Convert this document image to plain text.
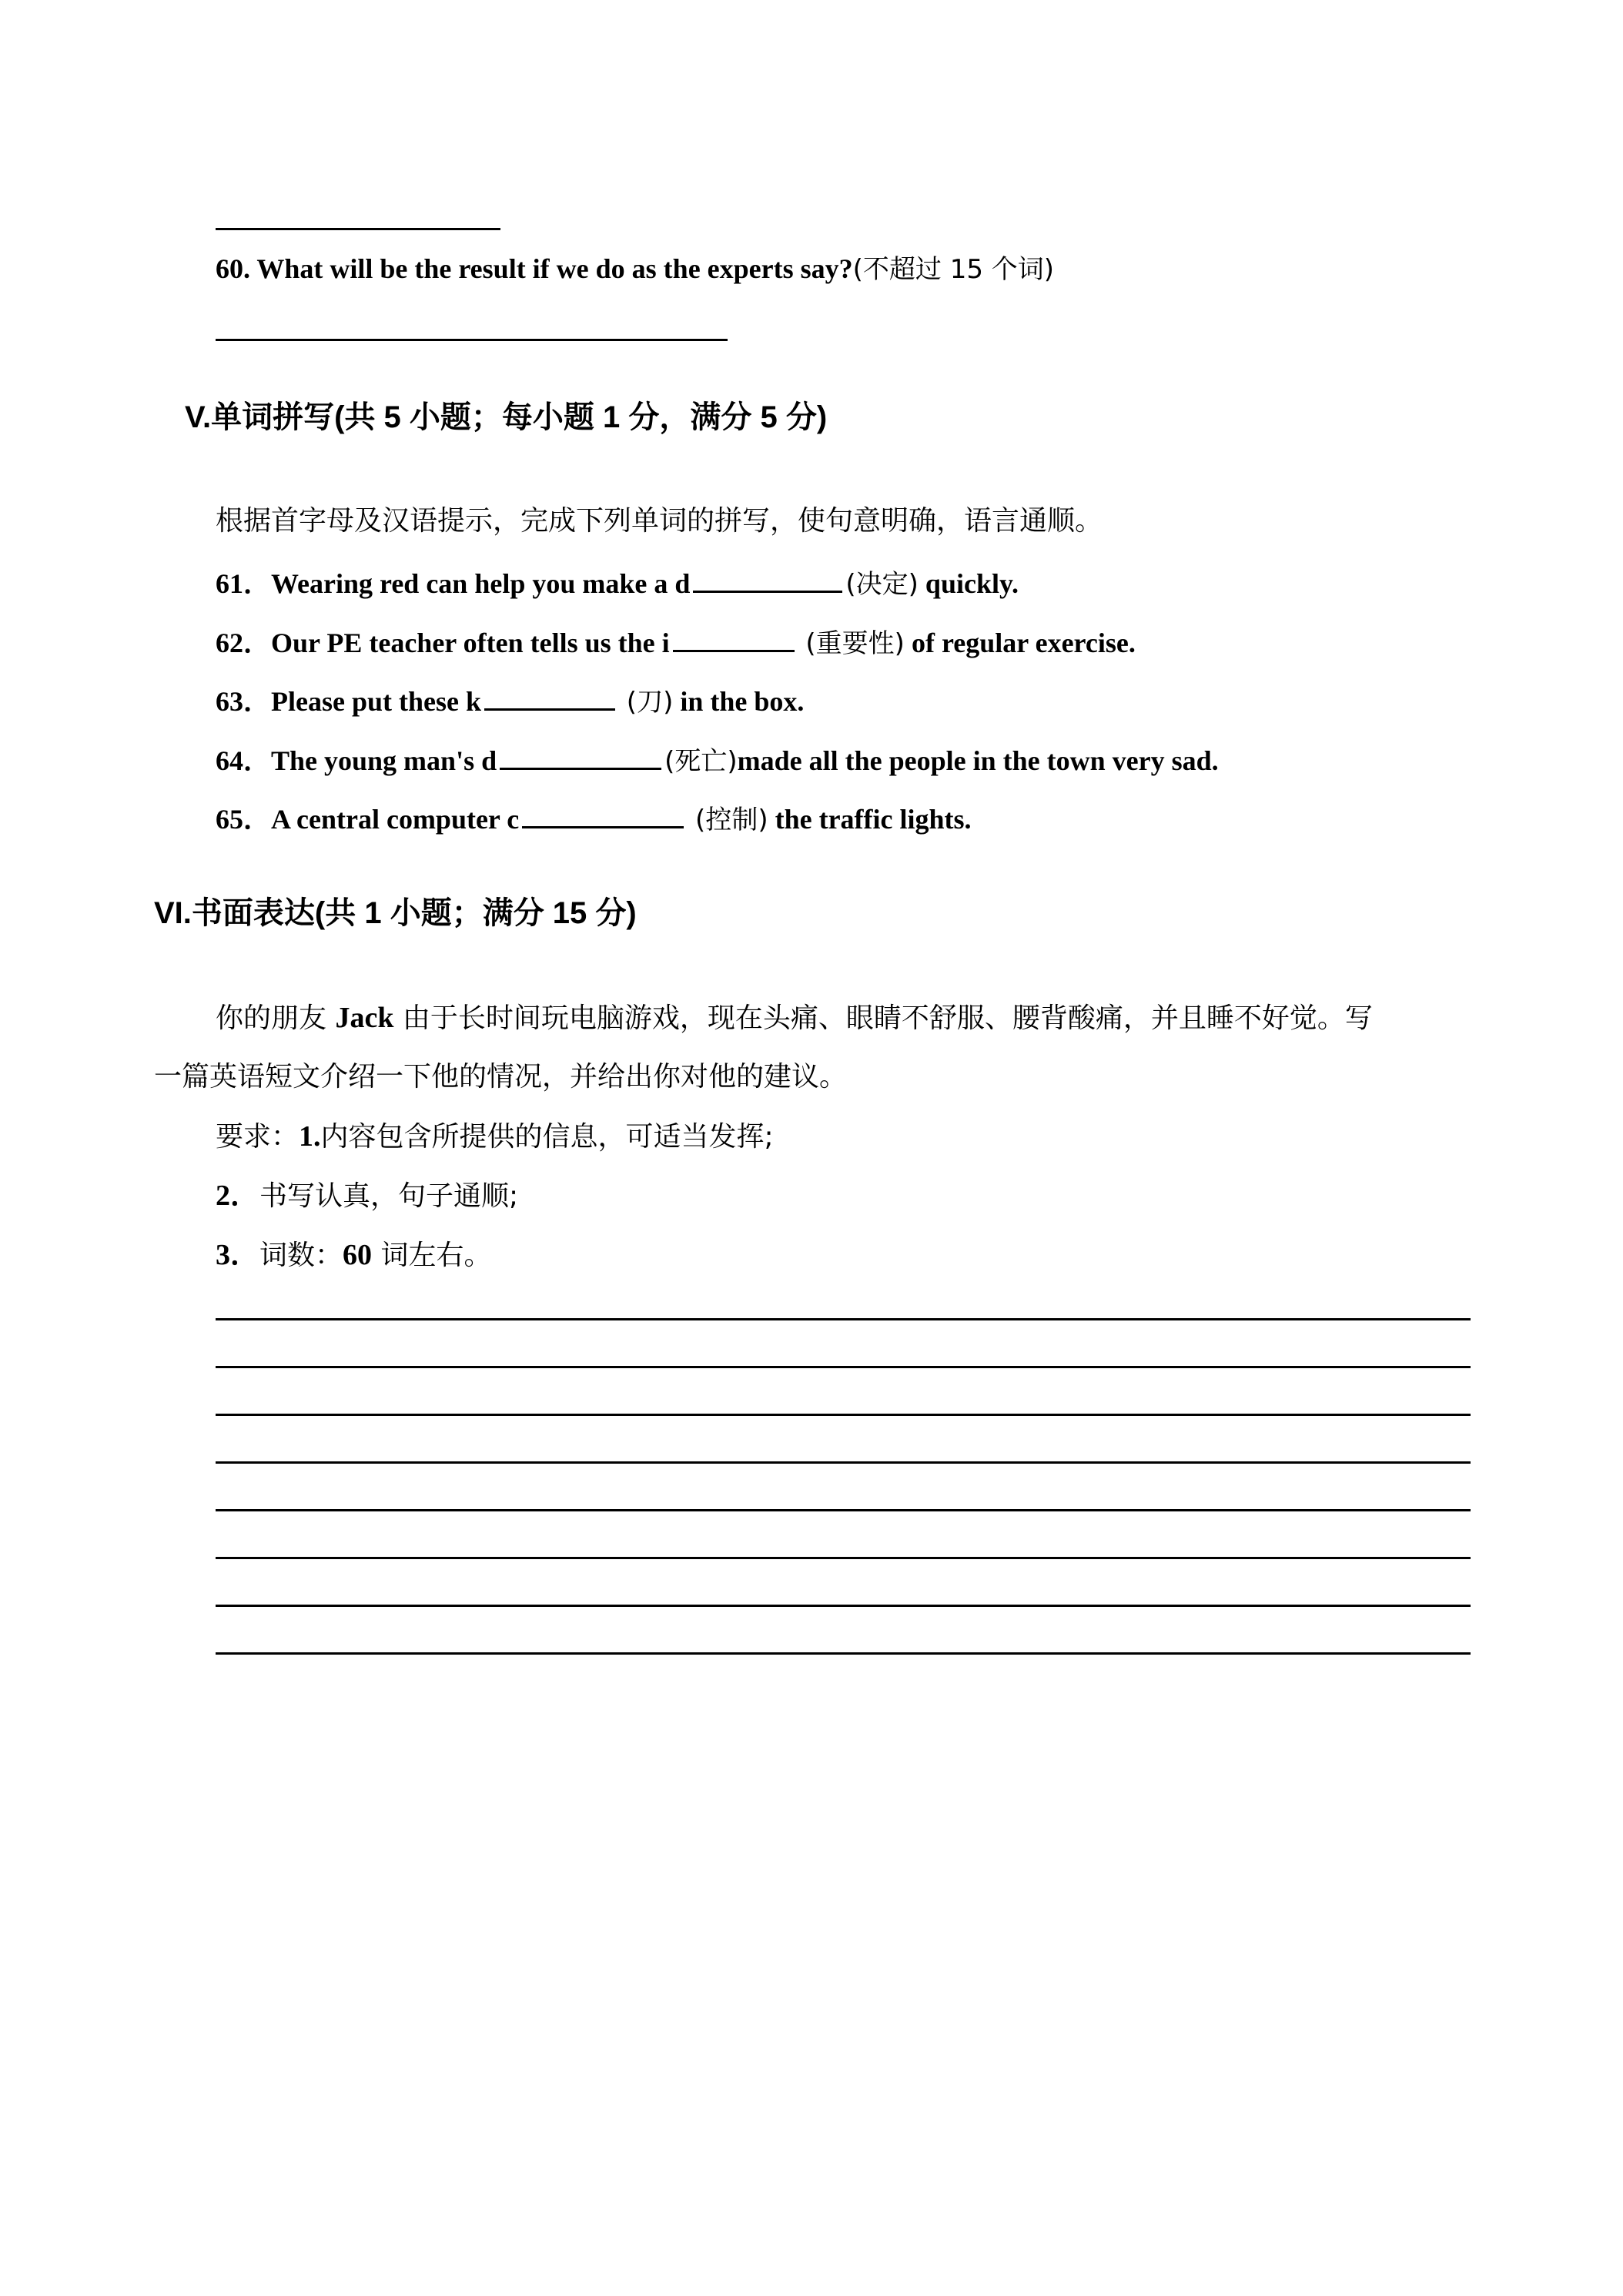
60. What will be the result if we do as the experts say?(不超过 15 个词)
V.单词拼写(共 5 小题；每小题 1 分，满分 5 分)
根据首字母及汉语提示，完成下列单词的拼写，使句意明确，语言通顺。
61．Wearing red can help you make a d	(决定) quickly.
62．Our PE teacher often tells us the i	(重要性) of regular exercise.
63．Please put these k	(刀) in the box.
64．The young man's d	(死亡)made all the people in the town very sad.
65．A central computer c	(控制) the traffic lights.
VI.书面表达(共 1 小题；满分 15 分)
你的朋友 Jack 由于长时间玩电脑游戏，现在头痛、眼睛不舒服、腰背酸痛，并且睡不好觉。写
一篇英语短文介绍一下他的情况，并给出你对他的建议。
要求：1.内容包含所提供的信息，可适当发挥;
2．书写认真，句子通顺;
3．词数：60 词左右。
